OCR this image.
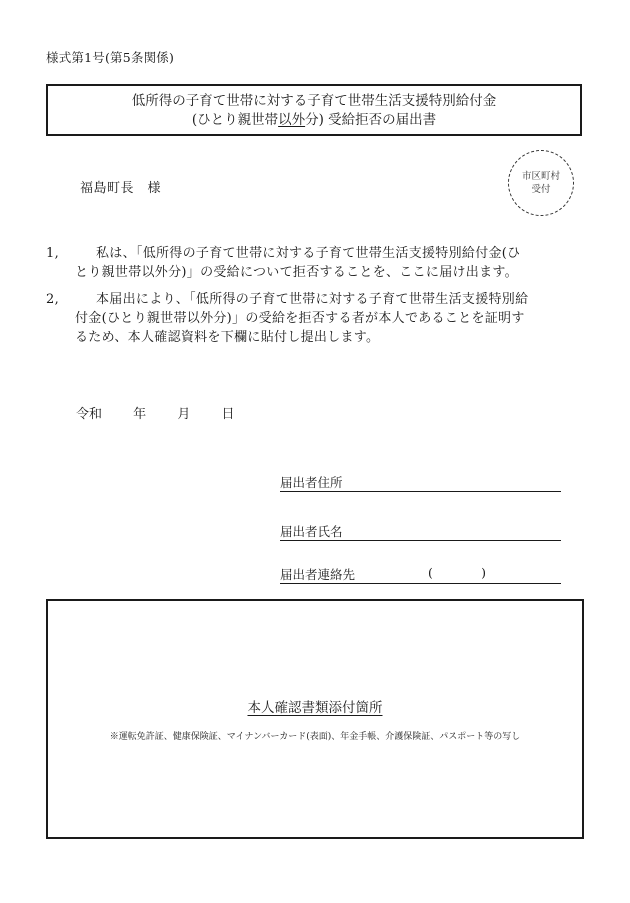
様式第1号(第5条関係)
低所得の子育て世帯に対する子育て世帯生活支援特別給付金
(ひとり親世帯以外分) 受給拒否の届出書
福島町長　様
市区町村
受付
1,	私は、「低所得の子育て世帯に対する子育て世帯生活支援特別給付金(ひ
とり親世帯以外分)」の受給について拒否することを、ここに届け出ます。
2,	本届出により、「低所得の子育て世帯に対する子育て世帯生活支援特別給
付金(ひとり親世帯以外分)」の受給を拒否する者が本人であることを証明す
るため、本人確認資料を下欄に貼付し提出します。
令和 年 月 日
届出者住所
届出者氏名
届出者連絡先	(	)
本人確認書類添付箇所
※運転免許証、健康保険証、マイナンバーカード(表面)、年金手帳、介護保険証、パスポート等の写し
